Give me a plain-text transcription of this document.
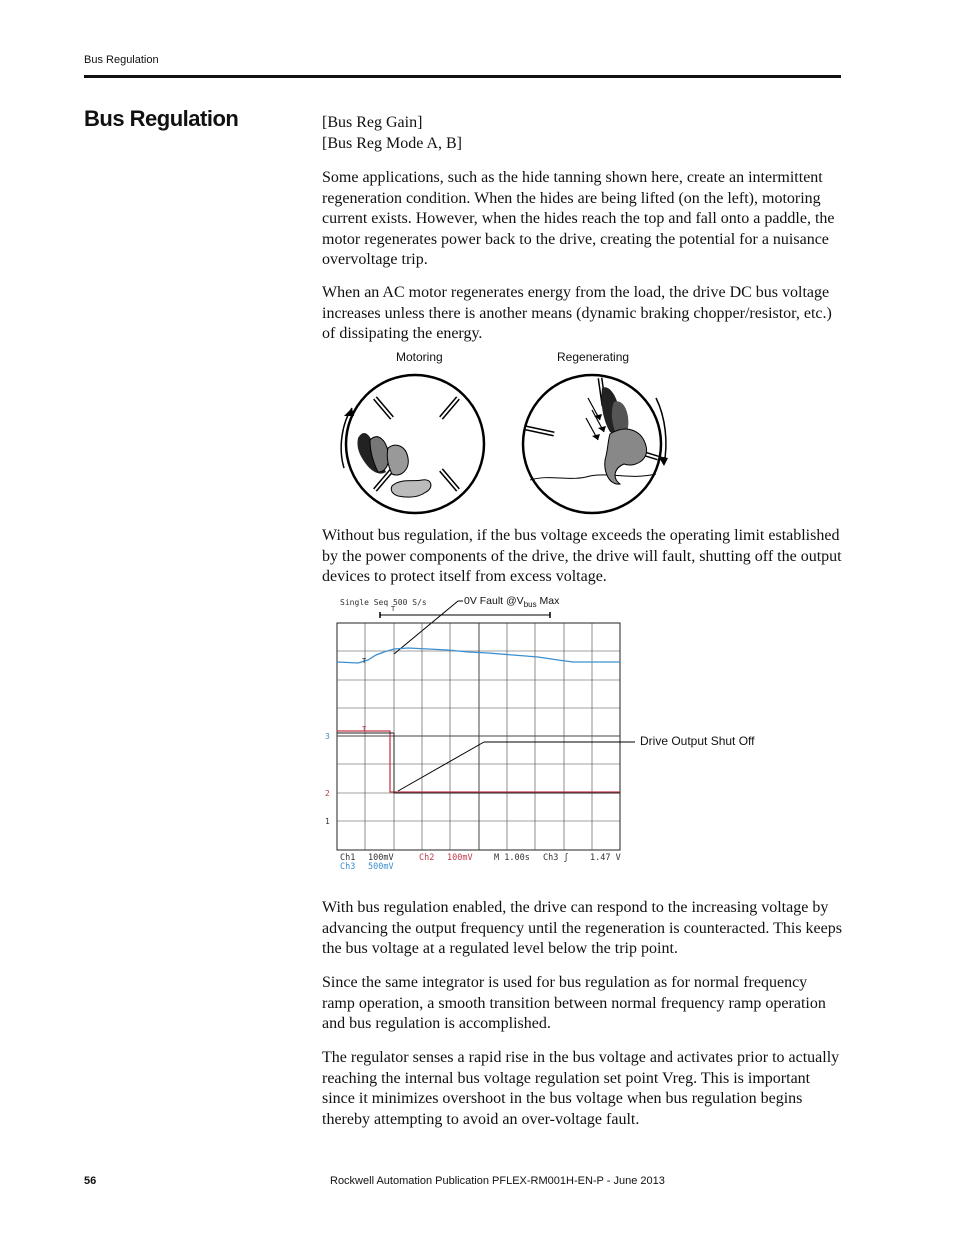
Bus Regulation
Bus Regulation	[Bus Reg Gain]
[Bus Reg Mode A, B]

Some applications, such as the hide tanning shown here, create an intermittent regeneration condition. When the hides are being lifted (on the left), motoring current exists. However, when the hides reach the top and fall onto a paddle, the motor regenerates power back to the drive, creating the potential for a nuisance overvoltage trip.

When an AC motor regenerates energy from the load, the drive DC bus voltage increases unless there is another means (dynamic braking chopper/resistor, etc.) of dissipating the energy.

Motoring	Regenerating

Without bus regulation, if the bus voltage exceeds the operating limit established by the power components of the drive, the drive will fault, shutting off the output devices to protect itself from excess voltage.

Single Seq 500 S/s	0V Fault $@V_{bus}$ Max
T
T
T
3
2
1
Drive Output Shut Off
Ch1 100mV	Ch2 100mV	M 1.00s Ch3 ʃ	1.47 V
Ch3 500mV

With bus regulation enabled, the drive can respond to the increasing voltage by advancing the output frequency until the regeneration is counteracted. This keeps the bus voltage at a regulated level below the trip point.

Since the same integrator is used for bus regulation as for normal frequency ramp operation, a smooth transition between normal frequency ramp operation and bus regulation is accomplished.

The regulator senses a rapid rise in the bus voltage and activates prior to actually reaching the internal bus voltage regulation set point Vreg. This is important since it minimizes overshoot in the bus voltage when bus regulation begins thereby attempting to avoid an over-voltage fault.

56	Rockwell Automation Publication PFLEX-RM001H-EN-P - June 2013
